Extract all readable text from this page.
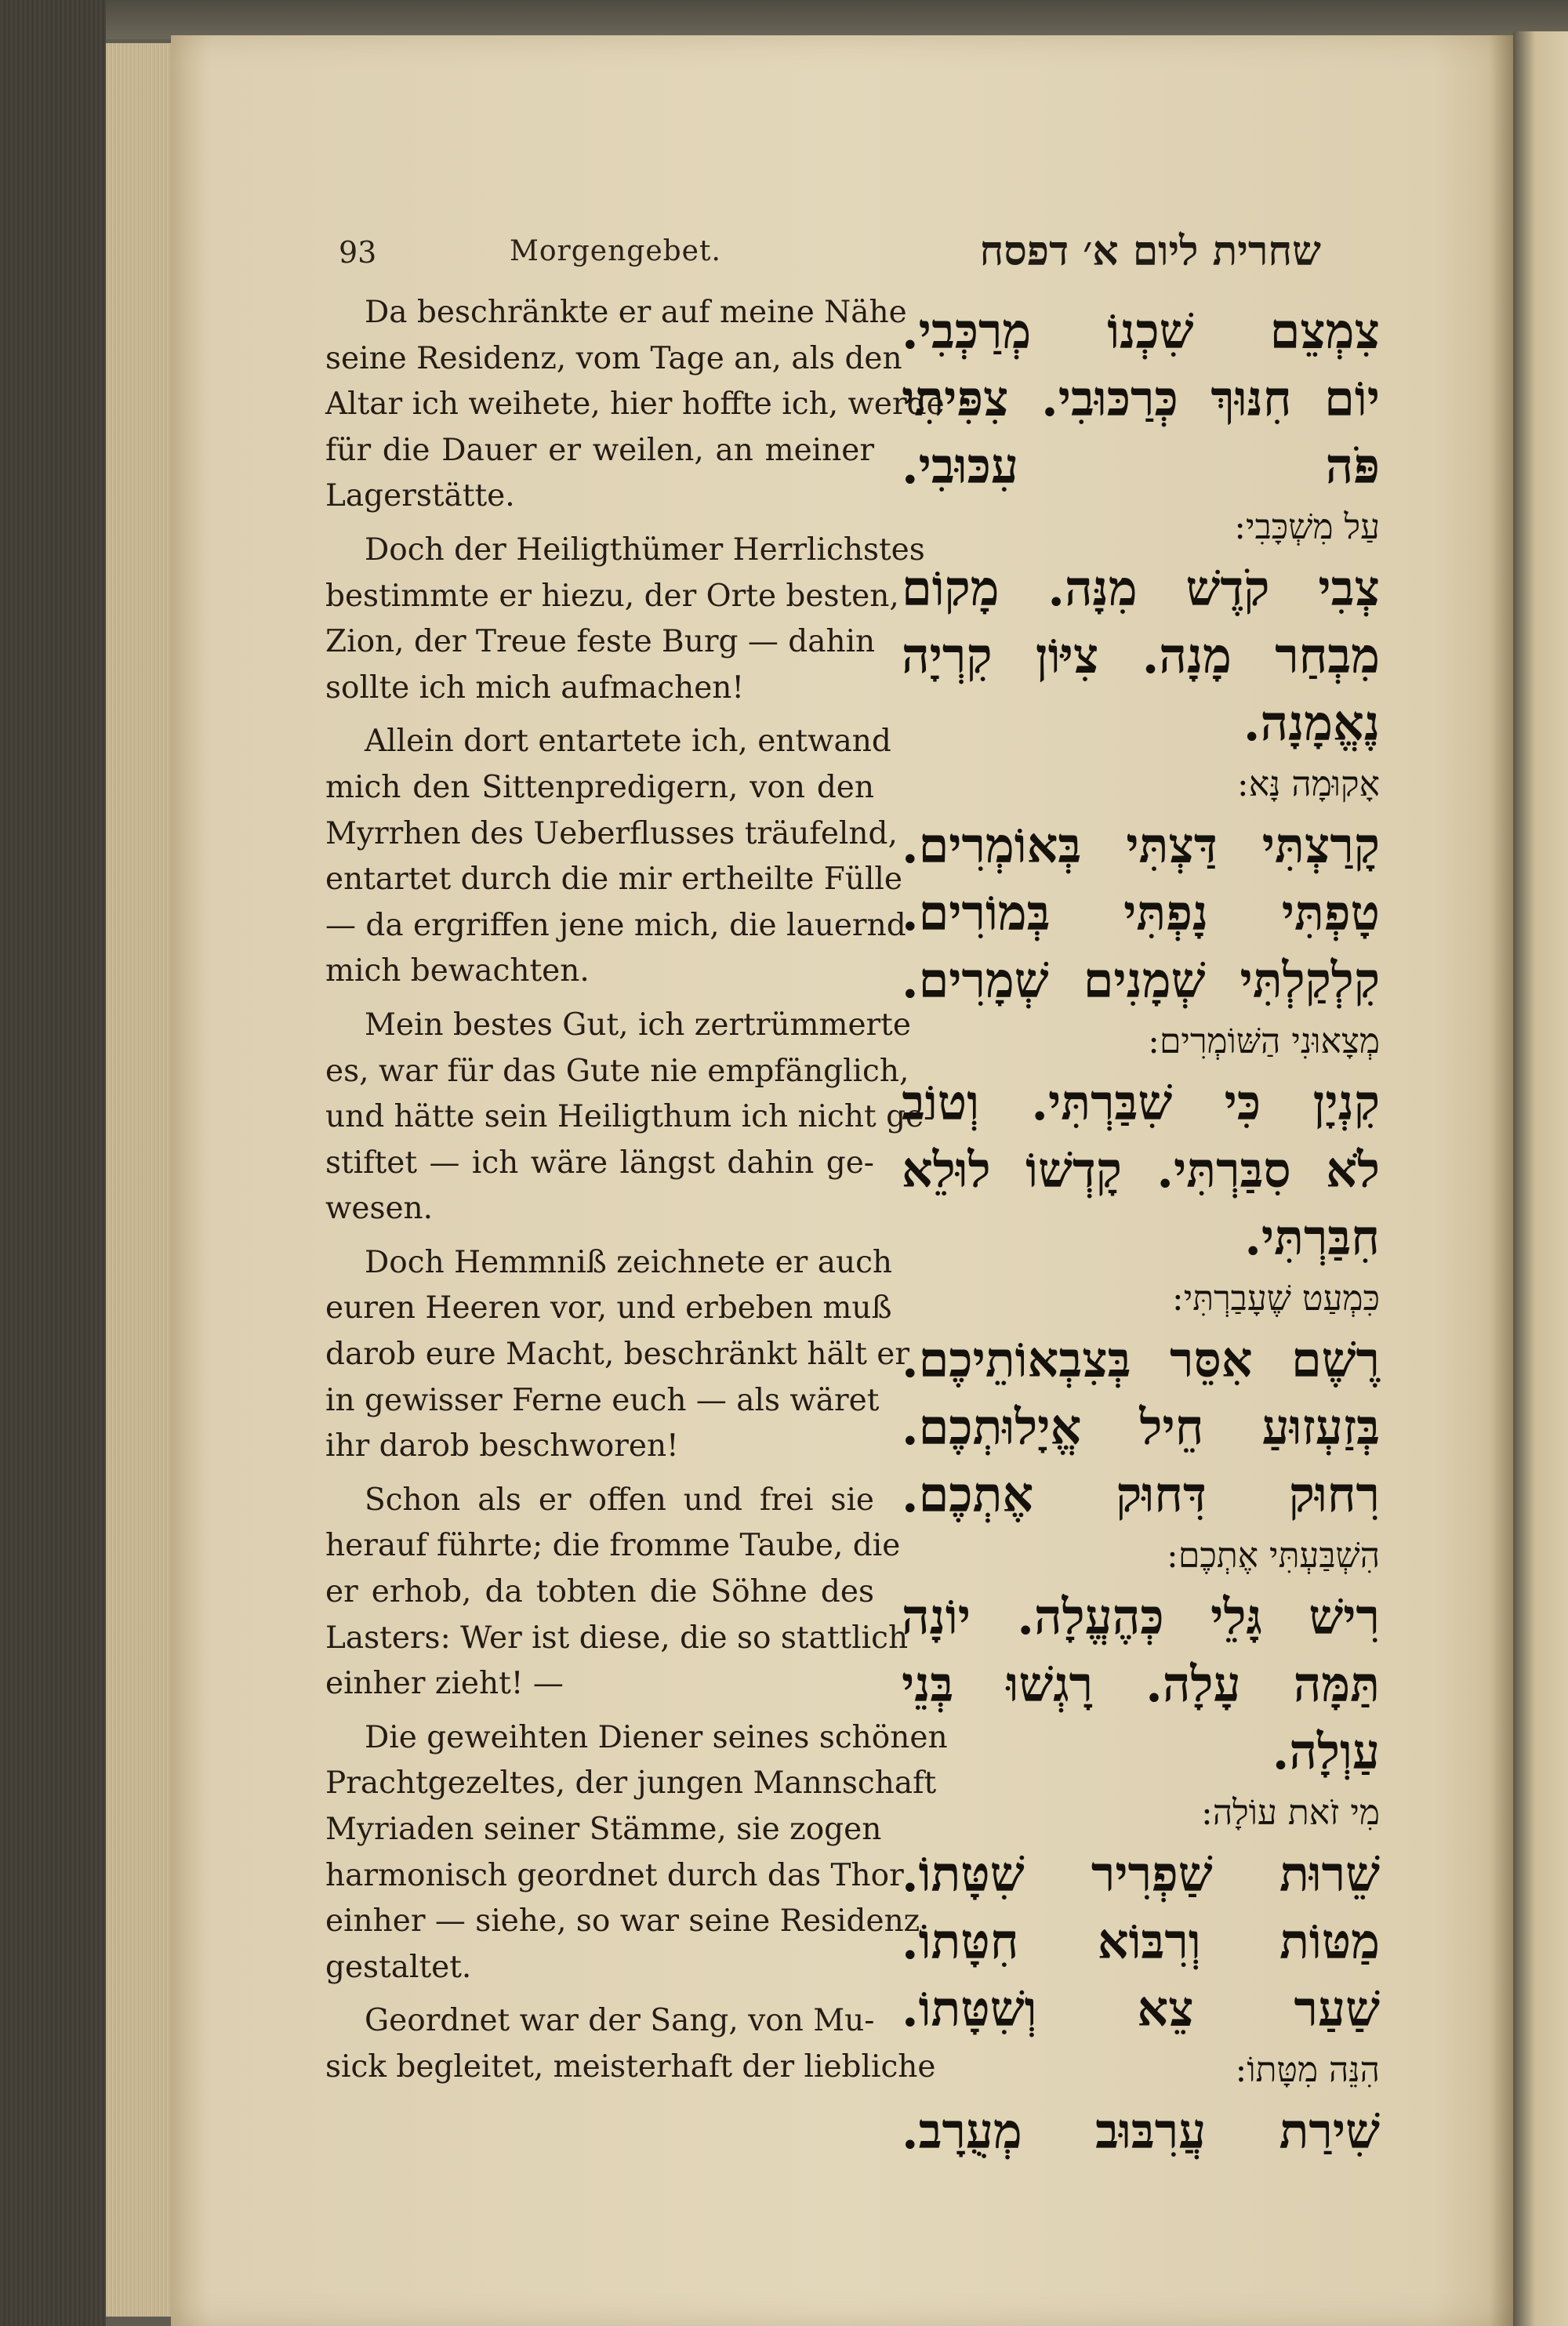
93	Morgengebet.	שחרית ליום א׳ דפסח

Da beschränkte er auf meine Nähe
seine Residenz, vom Tage an, als den
Altar ich weihete, hier hoffte ich, werde
für die Dauer er weilen, an meiner
Lagerstätte.

Doch der Heiligthümer Herrlichstes
bestimmte er hiezu, der Orte besten,
Zion, der Treue feste Burg — dahin
sollte ich mich aufmachen!

Allein dort entartete ich, entwand
mich den Sittenpredigern, von den
Myrrhen des Ueberflusses träufelnd,
entartet durch die mir ertheilte Fülle
— da ergriffen jene mich, die lauernd
mich bewachten.

Mein bestes Gut, ich zertrümmerte
es, war für das Gute nie empfänglich,
und hätte sein Heiligthum ich nicht ge-
stiftet — ich wäre längst dahin ge-
wesen.

Doch Hemmniß zeichnete er auch
euren Heeren vor, und erbeben muß
darob eure Macht, beschränkt hält er
in gewisser Ferne euch — als wäret
ihr darob beschworen!

Schon als er offen und frei sie
herauf führte; die fromme Taube, die
er erhob, da tobten die Söhne des
Lasters: Wer ist diese, die so stattlich
einher zieht! —

Die geweihten Diener seines schönen
Prachtgezeltes, der jungen Mannschaft
Myriaden seiner Stämme, sie zogen
harmonisch geordnet durch das Thor
einher — siehe, so war seine Residenz
gestaltet.

Geordnet war der Sang, von Mu-
sick begleitet, meisterhaft der liebliche

צִמְצֵם שִׁכְנוֹ מְרַכְּבִי.
יוֹם חִנּוּךְ כְּרַכּוּבִי. צִפִּיתִי
פֹּה עִכּוּבִי.
עַל מִשְׁכָּבִי:
צְבִי קֹדֶשׁ מִנָּה. מָקוֹם
מִבְחַר מָנָה. צִיּוֹן קִרְיָה
נֶאֱמָנָה.
אָקוּמָה נָּא:
קָרַצְתִּי דַּצְתִּי בְּאוֹמְרִים.
טָפְתִּי נָפְתִּי בְּמוֹרִים.
קִלְקַלְתִּי שְׁמָנִים שְׁמָרִים.
מְצָאוּנִי הַשּׁוֹמְרִים:
קִנְיָן כִּי שִׁבַּרְתִּי. וְטוֹב
לֹא סִבַּרְתִּי. קָדְשׁוֹ לוּלֵא
חִבַּרְתִּי.
כִּמְעַט שֶׁעָבַרְתִּי:
רֶשֶׁם אִסֵּר בְּצִבְאוֹתֵיכֶם.
בְּזַעְזוּעַ חֵיל אֱיָלוּתְכֶם.
רִחוּק דִּחוּק אֶתְכֶם.
הִשְׁבַּעְתִּי אֶתְכֶם:
רִישׁ גָּלֵי כְּהֶעֱלָה. יוֹנָה
תַּמָּה עָלָה. רָגְשׁוּ בְּנֵי
עַוְלָה.
מִי זֹאת עוֹלָה:
שֵׁרוּת שַׁפְרִיר שִׁטָּתוֹ.
מַטּוֹת וְרִבּוֹא חִטָּתוֹ.
שַׁעַר צֵא וְשִׁטָּתוֹ.
הִנֵּה מִטָּתוֹ:
שִׁירַת עֲרִבּוּב מְעֻרָב.
